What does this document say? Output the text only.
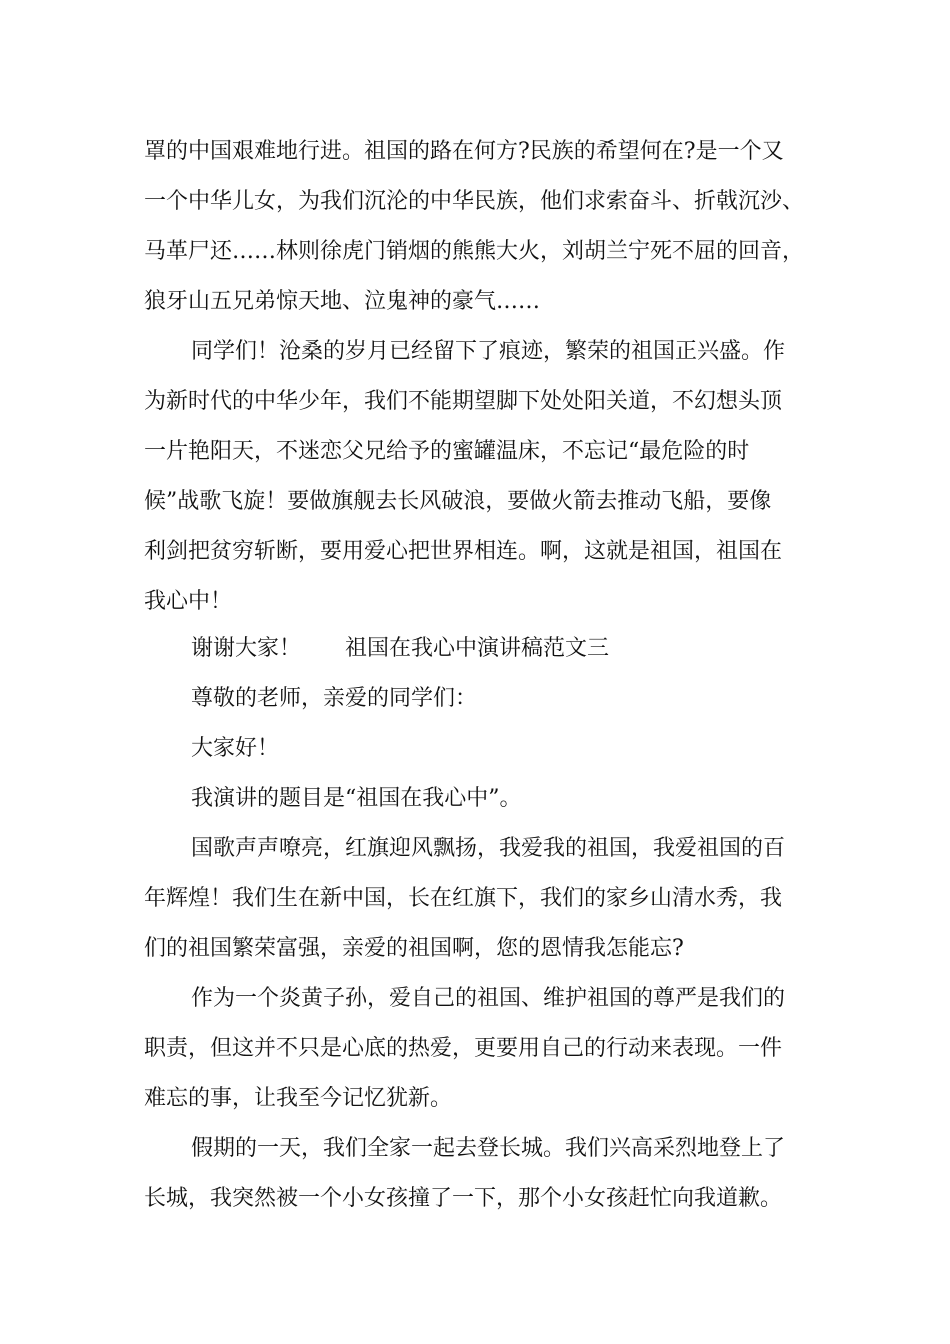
罩的中国艰难地行进。祖国的路在何方?民族的希望何在?是一个又
一个中华儿女，为我们沉沦的中华民族，他们求索奋斗、折戟沉沙、
马革尸还……林则徐虎门销烟的熊熊大火，刘胡兰宁死不屈的回音，
狼牙山五兄弟惊天地、泣鬼神的豪气……
同学们！沧桑的岁月已经留下了痕迹，繁荣的祖国正兴盛。作
为新时代的中华少年，我们不能期望脚下处处阳关道，不幻想头顶
一片艳阳天，不迷恋父兄给予的蜜罐温床，不忘记“最危险的时
候”战歌飞旋！要做旗舰去长风破浪，要做火箭去推动飞船，要像
利剑把贫穷斩断，要用爱心把世界相连。啊，这就是祖国，祖国在
我心中！
谢谢大家！　　祖国在我心中演讲稿范文三
尊敬的老师，亲爱的同学们：
大家好！
我演讲的题目是“祖国在我心中”。
国歌声声嘹亮，红旗迎风飘扬，我爱我的祖国，我爱祖国的百
年辉煌！我们生在新中国，长在红旗下，我们的家乡山清水秀，我
们的祖国繁荣富强，亲爱的祖国啊，您的恩情我怎能忘?
作为一个炎黄子孙，爱自己的祖国、维护祖国的尊严是我们的
职责，但这并不只是心底的热爱，更要用自己的行动来表现。一件
难忘的事，让我至今记忆犹新。
假期的一天，我们全家一起去登长城。我们兴高采烈地登上了
长城，我突然被一个小女孩撞了一下，那个小女孩赶忙向我道歉。
